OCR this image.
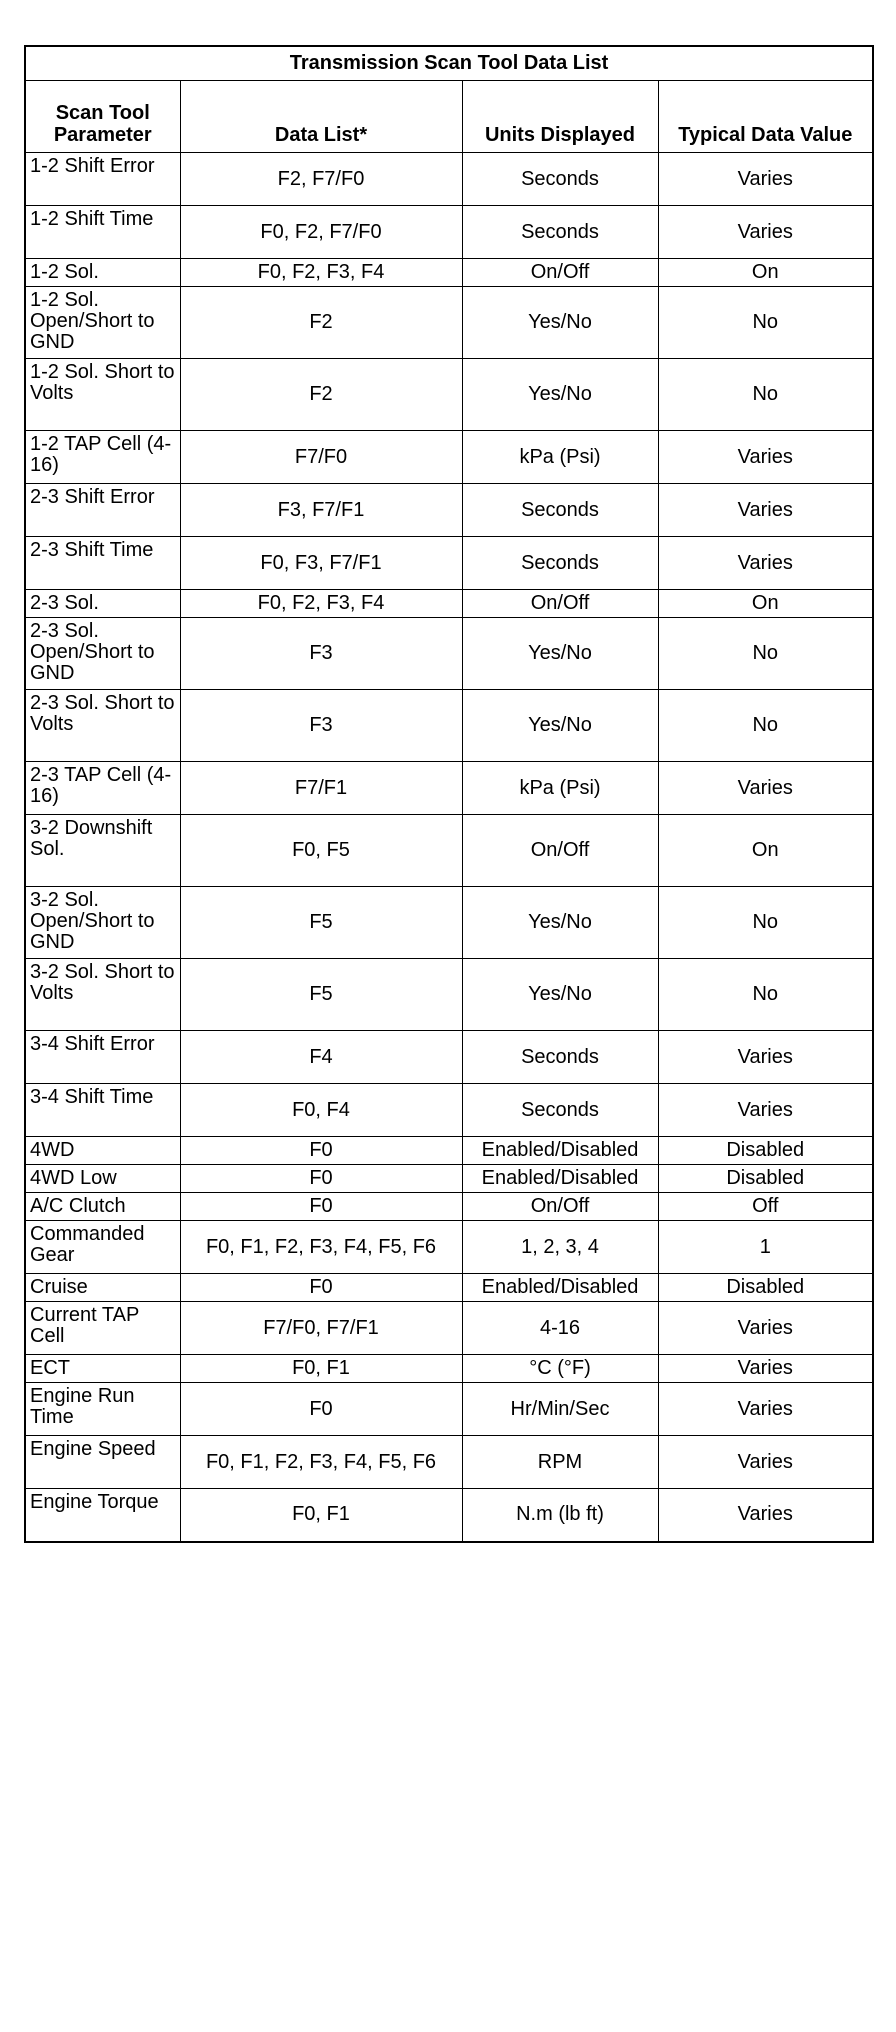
Transmission Scan Tool Data List			
Scan Tool Parameter	Data List*	Units Displayed	Typical Data Value
1-2 Shift Error	F2, F7/F0	Seconds	Varies
1-2 Shift Time	F0, F2, F7/F0	Seconds	Varies
1-2 Sol.	F0, F2, F3, F4	On/Off	On
1-2 Sol. Open/Short to GND	F2	Yes/No	No
1-2 Sol. Short to Volts	F2	Yes/No	No
1-2 TAP Cell (4-16)	F7/F0	kPa (Psi)	Varies
2-3 Shift Error	F3, F7/F1	Seconds	Varies
2-3 Shift Time	F0, F3, F7/F1	Seconds	Varies
2-3 Sol.	F0, F2, F3, F4	On/Off	On
2-3 Sol. Open/Short to GND	F3	Yes/No	No
2-3 Sol. Short to Volts	F3	Yes/No	No
2-3 TAP Cell (4-16)	F7/F1	kPa (Psi)	Varies
3-2 Downshift Sol.	F0, F5	On/Off	On
3-2 Sol. Open/Short to GND	F5	Yes/No	No
3-2 Sol. Short to Volts	F5	Yes/No	No
3-4 Shift Error	F4	Seconds	Varies
3-4 Shift Time	F0, F4	Seconds	Varies
4WD	F0	Enabled/Disabled	Disabled
4WD Low	F0	Enabled/Disabled	Disabled
A/C Clutch	F0	On/Off	Off
Commanded Gear	F0, F1, F2, F3, F4, F5, F6	1, 2, 3, 4	1
Cruise	F0	Enabled/Disabled	Disabled
Current TAP Cell	F7/F0, F7/F1	4-16	Varies
ECT	F0, F1	°C (°F)	Varies
Engine Run Time	F0	Hr/Min/Sec	Varies
Engine Speed	F0, F1, F2, F3, F4, F5, F6	RPM	Varies
Engine Torque	F0, F1	N.m (lb ft)	Varies
